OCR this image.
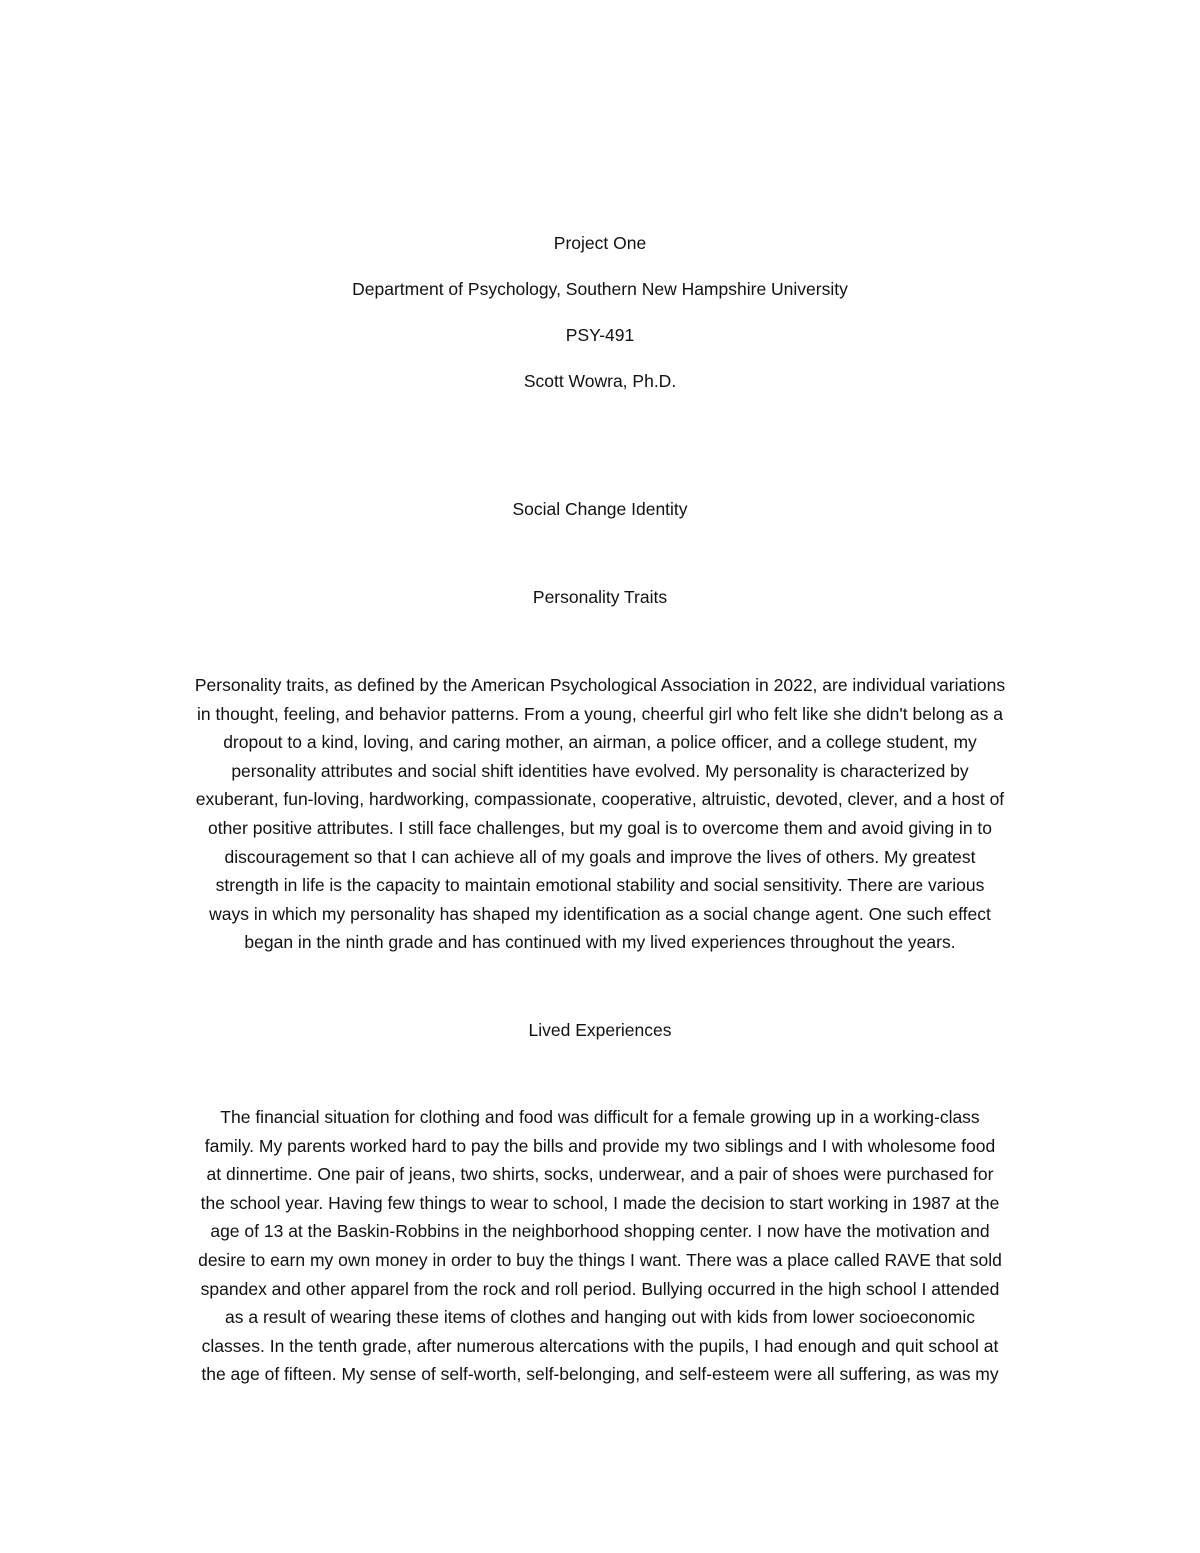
Project One
Department of Psychology, Southern New Hampshire University
PSY-491
Scott Wowra, Ph.D.
Social Change Identity
Personality Traits
Personality traits, as defined by the American Psychological Association in 2022, are individual variations
in thought, feeling, and behavior patterns. From a young, cheerful girl who felt like she didn't belong as a
dropout to a kind, loving, and caring mother, an airman, a police officer, and a college student, my
personality attributes and social shift identities have evolved. My personality is characterized by
exuberant, fun-loving, hardworking, compassionate, cooperative, altruistic, devoted, clever, and a host of
other positive attributes. I still face challenges, but my goal is to overcome them and avoid giving in to
discouragement so that I can achieve all of my goals and improve the lives of others. My greatest
strength in life is the capacity to maintain emotional stability and social sensitivity. There are various
ways in which my personality has shaped my identification as a social change agent. One such effect
began in the ninth grade and has continued with my lived experiences throughout the years.
Lived Experiences
The financial situation for clothing and food was difficult for a female growing up in a working-class
family. My parents worked hard to pay the bills and provide my two siblings and I with wholesome food
at dinnertime. One pair of jeans, two shirts, socks, underwear, and a pair of shoes were purchased for
the school year. Having few things to wear to school, I made the decision to start working in 1987 at the
age of 13 at the Baskin-Robbins in the neighborhood shopping center. I now have the motivation and
desire to earn my own money in order to buy the things I want. There was a place called RAVE that sold
spandex and other apparel from the rock and roll period. Bullying occurred in the high school I attended
as a result of wearing these items of clothes and hanging out with kids from lower socioeconomic
classes. In the tenth grade, after numerous altercations with the pupils, I had enough and quit school at
the age of fifteen. My sense of self-worth, self-belonging, and self-esteem were all suffering, as was my
